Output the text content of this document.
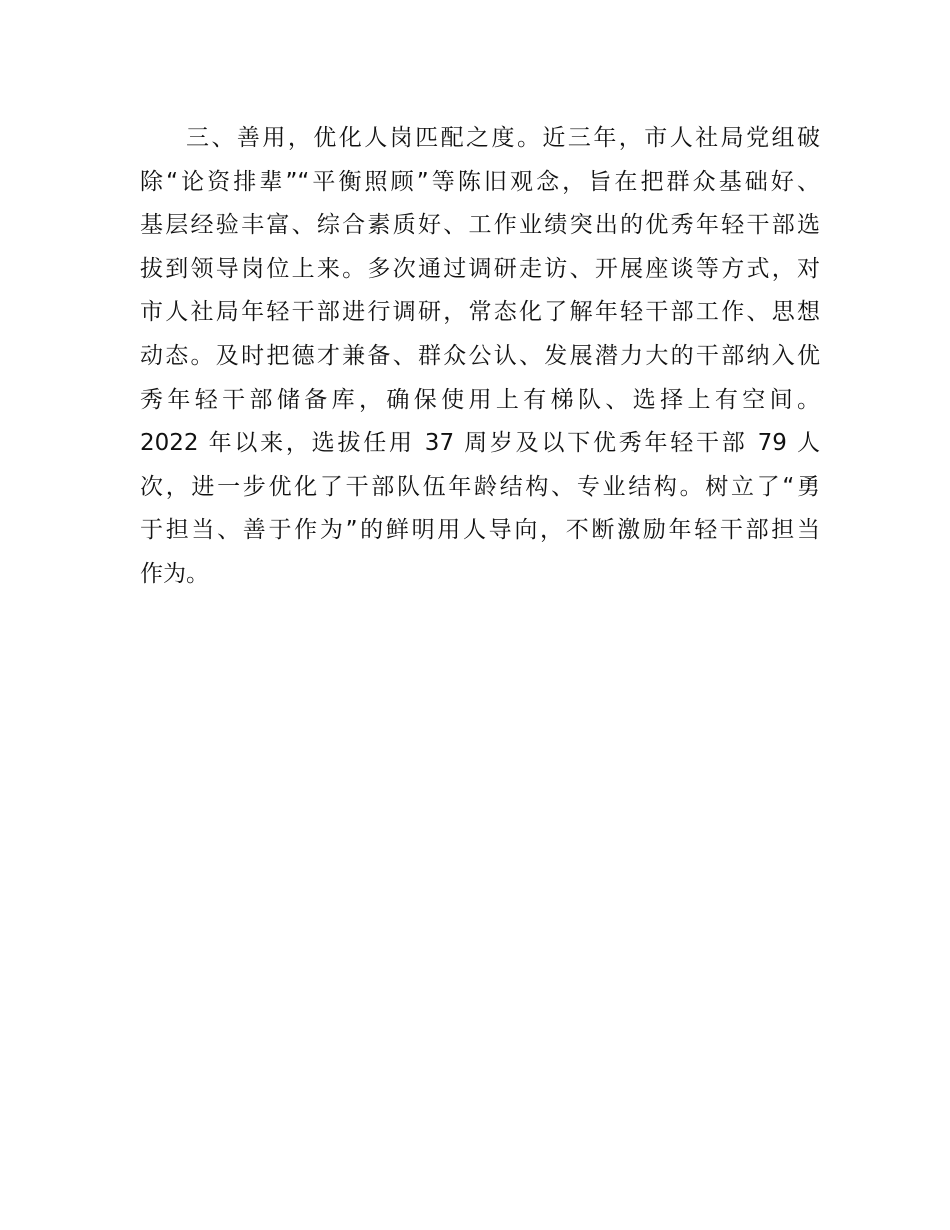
三、善用，优化人岗匹配之度。近三年，市人社局党组破
除“论资排辈”“平衡照顾”等陈旧观念，旨在把群众基础好、
基层经验丰富、综合素质好、工作业绩突出的优秀年轻干部选
拔到领导岗位上来。多次通过调研走访、开展座谈等方式，对
市人社局年轻干部进行调研，常态化了解年轻干部工作、思想
动态。及时把德才兼备、群众公认、发展潜力大的干部纳入优
秀年轻干部储备库，确保使用上有梯队、选择上有空间。
2022 年以来，选拔任用 37 周岁及以下优秀年轻干部 79 人
次，进一步优化了干部队伍年龄结构、专业结构。树立了“勇
于担当、善于作为”的鲜明用人导向，不断激励年轻干部担当
作为。
